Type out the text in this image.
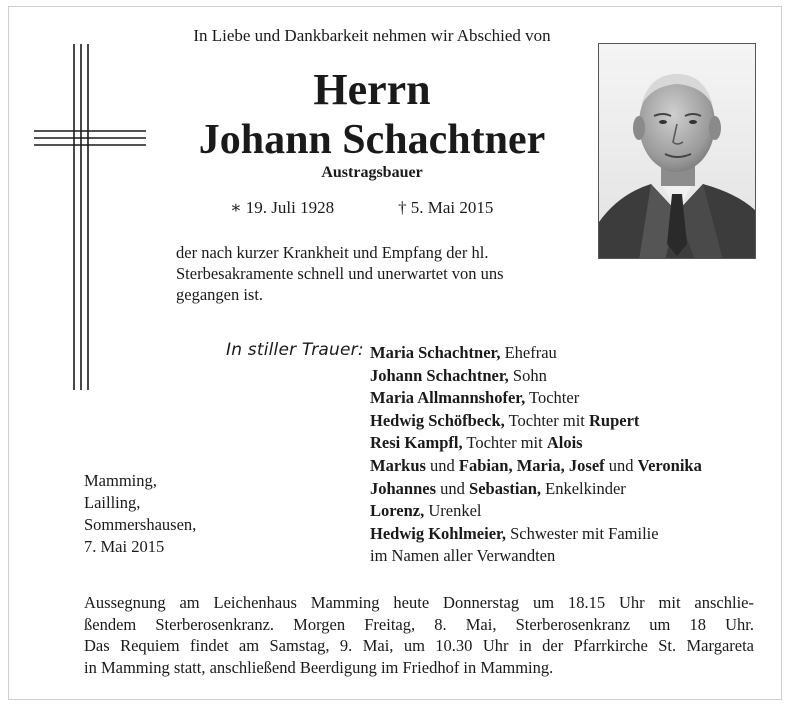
In Liebe und Dankbarkeit nehmen wir Abschied von
Herrn
Johann Schachtner
Austragsbauer
∗ 19. Juli 1928	† 5. Mai 2015
der nach kurzer Krankheit und Empfang der hl.
Sterbesakramente schnell und unerwartet von uns
gegangen ist.
In stiller Trauer: Maria Schachtner, Ehefrau
Johann Schachtner, Sohn
Maria Allmannshofer, Tochter
Hedwig Schöfbeck, Tochter mit Rupert
Resi Kampfl, Tochter mit Alois
Markus und Fabian, Maria, Josef und Veronika
Johannes und Sebastian, Enkelkinder
Lorenz, Urenkel
Hedwig Kohlmeier, Schwester mit Familie
im Namen aller Verwandten
Mamming,
Lailling,
Sommershausen,
7. Mai 2015
Aussegnung am Leichenhaus Mamming heute Donnerstag um 18.15 Uhr mit anschlie-
ßendem Sterberosenkranz. Morgen Freitag, 8. Mai, Sterberosenkranz um 18 Uhr.
Das Requiem findet am Samstag, 9. Mai, um 10.30 Uhr in der Pfarrkirche St. Margareta
in Mamming statt, anschließend Beerdigung im Friedhof in Mamming.
